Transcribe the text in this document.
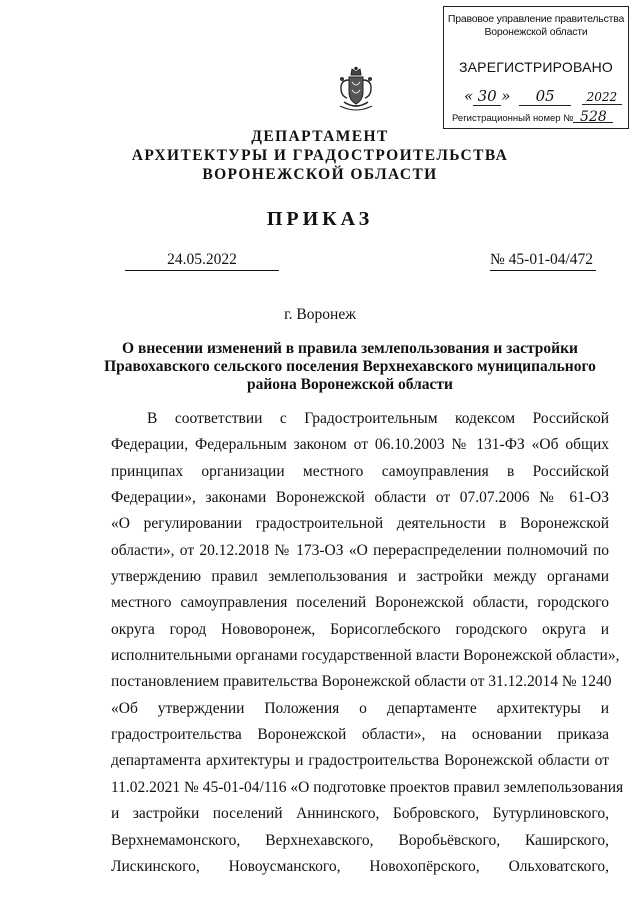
Правовое управление правительства
Воронежской области
ЗАРЕГИСТРИРОВАНО
« 30 » 05	2022
Регистрационный номер № 528
ДЕПАРТАМЕНТ
АРХИТЕКТУРЫ И ГРАДОСТРОИТЕЛЬСТВА
ВОРОНЕЖСКОЙ ОБЛАСТИ
ПРИКАЗ
24.05.2022	№ 45-01-04/472
г. Воронеж
О внесении изменений в правила землепользования и застройки
Правохавского сельского поселения Верхнехавского муниципального
района Воронежской области
В соответствии с Градостроительным кодексом Российской
Федерации, Федеральным законом от 06.10.2003 № 131-ФЗ «Об общих
принципах организации местного самоуправления в Российской
Федерации», законами Воронежской области от 07.07.2006 № 61-ОЗ
«О регулировании градостроительной деятельности в Воронежской
области», от 20.12.2018 № 173-ОЗ «О перераспределении полномочий по
утверждению правил землепользования и застройки между органами
местного самоуправления поселений Воронежской области, городского
округа город Нововоронеж, Борисоглебского городского округа и
исполнительными органами государственной власти Воронежской области»,
постановлением правительства Воронежской области от 31.12.2014 № 1240
«Об утверждении Положения о департаменте архитектуры и
градостроительства Воронежской области», на основании приказа
департамента архитектуры и градостроительства Воронежской области от
11.02.2021 № 45-01-04/116 «О подготовке проектов правил землепользования
и застройки поселений Аннинского, Бобровского, Бутурлиновского,
Верхнемамонского, Верхнехавского, Воробьёвского, Каширского,
Лискинского, Новоусманского, Новохопёрского, Ольховатского,
